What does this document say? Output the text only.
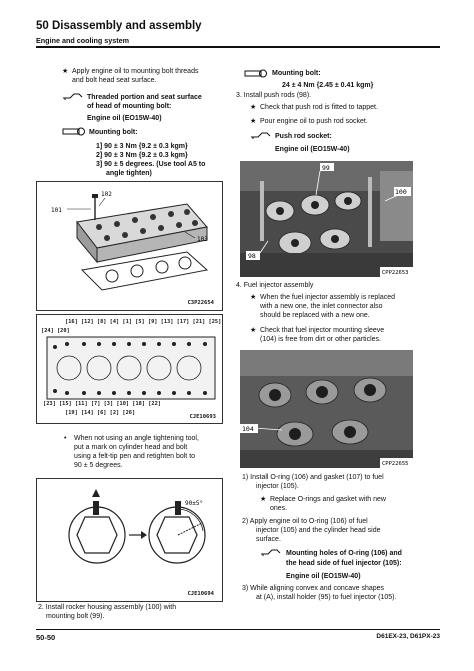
50 Disassembly and assembly
Engine and cooling system
★ Apply engine oil to mounting bolt threads
and bolt head seat surface.
Threaded portion and seat surface
of head of mounting bolt:
Engine oil (EO15W-40)
Mounting bolt:
1] 90 ± 3 Nm {9.2 ± 0.3 kgm}
2] 90 ± 3 Nm {9.2 ± 0.3 kgm}
3] 90 ± 5 degrees. (Use tool A5 to
angle tighten)
101
102
103
C3P22654
[16] [12] [8] [4] [1] [5] [9] [13] [17] [21] [25]
[24] [20]
[23] [15] [11] [7] [3] [10] [18] [22]
[19] [14] [6] [2] [26]
CJE10693
• When not using an angle tightening tool,
put a mark on cylinder head and bolt
using a felt-tip pen and retighten bolt to
90 ± 5 degrees.
90±5°
CJE10694
2. Install rocker housing assembly (100) with
mounting bolt (99).
Mounting bolt:
24 ± 4 Nm {2.45 ± 0.41 kgm}
3. Install push rods (98).
★ Check that push rod is fitted to tappet.
★ Pour engine oil to push rod socket.
Push rod socket:
Engine oil (EO15W-40)
99
100
98
CPP22653
4. Fuel injector assembly
★ When the fuel injector assembly is replaced
with a new one, the inlet connector also
should be replaced with a new one.
★ Check that fuel injector mounting sleeve
(104) is free from dirt or other particles.
104
CPP22655
1) Install O-ring (106) and gasket (107) to fuel
injector (105).
★ Replace O-rings and gasket with new
ones.
2) Apply engine oil to O-ring (106) of fuel
injector (105) and the cylinder head side
surface.
Mounting holes of O-ring (106) and
the head side of fuel injector (105):
Engine oil (EO15W-40)
3) While aligning convex and concave shapes
at (A), install holder (95) to fuel injector (105).
50-50	D61EX-23, D61PX-23
